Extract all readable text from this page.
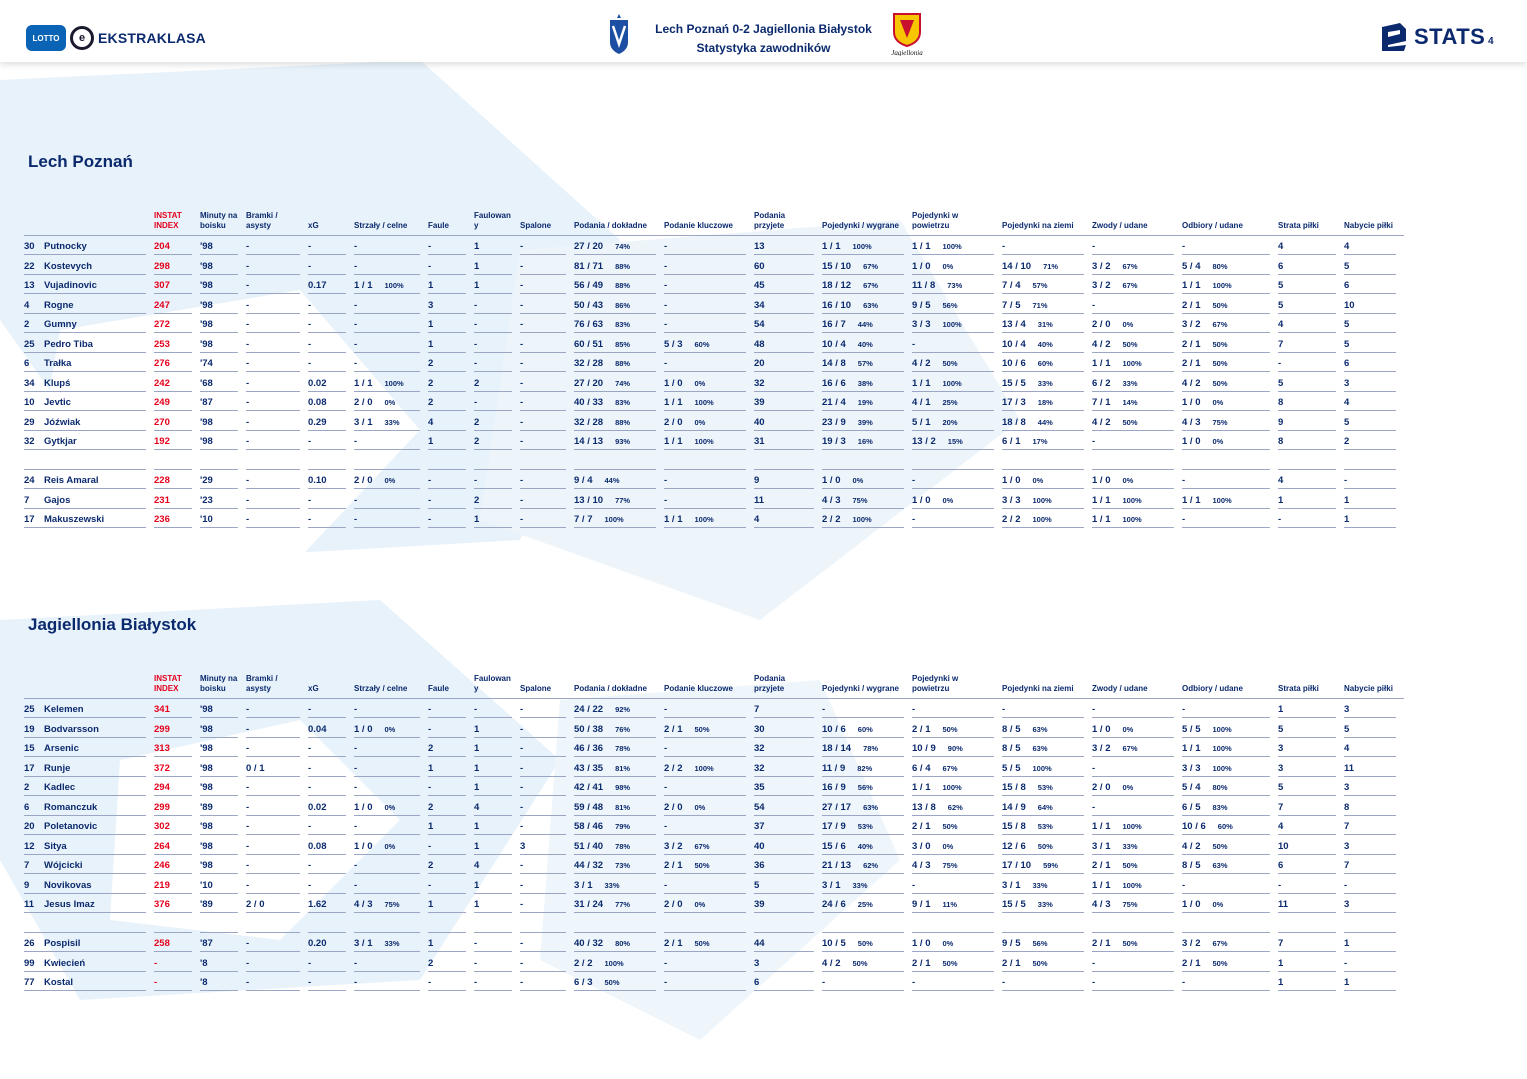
LOTTO	e EKSTRAKLASA
Lech Poznań 0-2 Jagiellonia Białystok
Statystyka zawodników	Jagiellonia
STATS 4
Lech Poznań

	INSTAT INDEX	Minuty na boisku	Bramki / asysty	xG	Strzały / celne	Faule	Faulowan y	Spalone	Podania / dokładne	Podanie kluczowe	Podania przyjete	Pojedynki / wygrane	Pojedynki w powietrzu	Pojedynki na ziemi	Zwody / udane	Odbiory / udane	Strata piłki	Nabycie piłki

30 Putnocky	204	'98	-	-	-	-	1	-	27 / 20 74%	-	13	1 / 1 100%	1 / 1 100%	-	-	-	4	4

22 Kostevych	298	'98	-	-	-	-	1	-	81 / 71 88%	-	60	15 / 10 67%	1 / 0 0%	14 / 10 71%	3 / 2 67%	5 / 4 80%	6	5

13 Vujadinovic	307	'98	-	0.17	1 / 1 100%	1	1	-	56 / 49 88%	-	45	18 / 12 67%	11 / 8 73%	7 / 4 57%	3 / 2 67%	1 / 1 100%	5	6

4 Rogne	247	'98	-	-	-	3	-	-	50 / 43 86%	-	34	16 / 10 63%	9 / 5 56%	7 / 5 71%	-	2 / 1 50%	5	10

2 Gumny	272	'98	-	-	-	1	-	-	76 / 63 83%	-	54	16 / 7 44%	3 / 3 100%	13 / 4 31%	2 / 0 0%	3 / 2 67%	4	5

25 Pedro Tiba	253	'98	-	-	-	1	-	-	60 / 51 85%	5 / 3 60%	48	10 / 4 40%	-	10 / 4 40%	4 / 2 50%	2 / 1 50%	7	5

6 Trałka	276	'74	-	-	-	2	-	-	32 / 28 88%	-	20	14 / 8 57%	4 / 2 50%	10 / 6 60%	1 / 1 100%	2 / 1 50%	-	6

34 Klupś	242	'68	-	0.02	1 / 1 100%	2	2	-	27 / 20 74%	1 / 0 0%	32	16 / 6 38%	1 / 1 100%	15 / 5 33%	6 / 2 33%	4 / 2 50%	5	3

10 Jevtic	249	'87	-	0.08	2 / 0 0%	2	-	-	40 / 33 83%	1 / 1 100%	39	21 / 4 19%	4 / 1 25%	17 / 3 18%	7 / 1 14%	1 / 0 0%	8	4

29 Jóźwiak	270	'98	-	0.29	3 / 1 33%	4	2	-	32 / 28 88%	2 / 0 0%	40	23 / 9 39%	5 / 1 20%	18 / 8 44%	4 / 2 50%	4 / 3 75%	9	5

32 Gytkjar	192	'98	-	-	-	1	2	-	14 / 13 93%	1 / 1 100%	31	19 / 3 16%	13 / 2 15%	6 / 1 17%	-	1 / 0 0%	8	2

24 Reis Amaral	228	'29	-	0.10	2 / 0 0%	-	-	-	9 / 4 44%	-	9	1 / 0 0%	-	1 / 0 0%	1 / 0 0%	-	4	-

7 Gajos	231	'23	-	-	-	-	2	-	13 / 10 77%	-	11	4 / 3 75%	1 / 0 0%	3 / 3 100%	1 / 1 100%	1 / 1 100%	1	1

17 Makuszewski	236	'10	-	-	-	-	1	-	7 / 7 100%	1 / 1 100%	4	2 / 2 100%	-	2 / 2 100%	1 / 1 100%	-	-	1
Jagiellonia Białystok

	INSTAT INDEX	Minuty na boisku	Bramki / asysty	xG	Strzały / celne	Faule	Faulowan y	Spalone	Podania / dokładne	Podanie kluczowe	Podania przyjete	Pojedynki / wygrane	Pojedynki w powietrzu	Pojedynki na ziemi	Zwody / udane	Odbiory / udane	Strata piłki	Nabycie piłki

25 Kelemen	341	'98	-	-	-	-	-	-	24 / 22 92%	-	7	-	-	-	-	-	1	3

19 Bodvarsson	299	'98	-	0.04	1 / 0 0%	-	1	-	50 / 38 76%	2 / 1 50%	30	10 / 6 60%	2 / 1 50%	8 / 5 63%	1 / 0 0%	5 / 5 100%	5	5

15 Arsenic	313	'98	-	-	-	2	1	-	46 / 36 78%	-	32	18 / 14 78%	10 / 9 90%	8 / 5 63%	3 / 2 67%	1 / 1 100%	3	4

17 Runje	372	'98	0 / 1	-	-	1	1	-	43 / 35 81%	2 / 2 100%	32	11 / 9 82%	6 / 4 67%	5 / 5 100%	-	3 / 3 100%	3	11

2 Kadlec	294	'98	-	-	-	-	1	-	42 / 41 98%	-	35	16 / 9 56%	1 / 1 100%	15 / 8 53%	2 / 0 0%	5 / 4 80%	5	3

6 Romanczuk	299	'89	-	0.02	1 / 0 0%	2	4	-	59 / 48 81%	2 / 0 0%	54	27 / 17 63%	13 / 8 62%	14 / 9 64%	-	6 / 5 83%	7	8

20 Poletanovic	302	'98	-	-	-	1	1	-	58 / 46 79%	-	37	17 / 9 53%	2 / 1 50%	15 / 8 53%	1 / 1 100%	10 / 6 60%	4	7

12 Sitya	264	'98	-	0.08	1 / 0 0%	-	1	3	51 / 40 78%	3 / 2 67%	40	15 / 6 40%	3 / 0 0%	12 / 6 50%	3 / 1 33%	4 / 2 50%	10	3

7 Wójcicki	246	'98	-	-	-	2	4	-	44 / 32 73%	2 / 1 50%	36	21 / 13 62%	4 / 3 75%	17 / 10 59%	2 / 1 50%	8 / 5 63%	6	7

9 Novikovas	219	'10	-	-	-	-	1	-	3 / 1 33%	-	5	3 / 1 33%	-	3 / 1 33%	1 / 1 100%	-	-	-

11 Jesus Imaz	376	'89	2 / 0	1.62	4 / 3 75%	1	1	-	31 / 24 77%	2 / 0 0%	39	24 / 6 25%	9 / 1 11%	15 / 5 33%	4 / 3 75%	1 / 0 0%	11	3

26 Pospisil	258	'87	-	0.20	3 / 1 33%	1	-	-	40 / 32 80%	2 / 1 50%	44	10 / 5 50%	1 / 0 0%	9 / 5 56%	2 / 1 50%	3 / 2 67%	7	1

99 Kwiecień	-	'8	-	-	-	2	-	-	2 / 2 100%	-	3	4 / 2 50%	2 / 1 50%	2 / 1 50%	-	2 / 1 50%	1	-

77 Kostal	-	'8	-	-	-	-	-	-	6 / 3 50%	-	6	-	-	-	-	-	1	1
